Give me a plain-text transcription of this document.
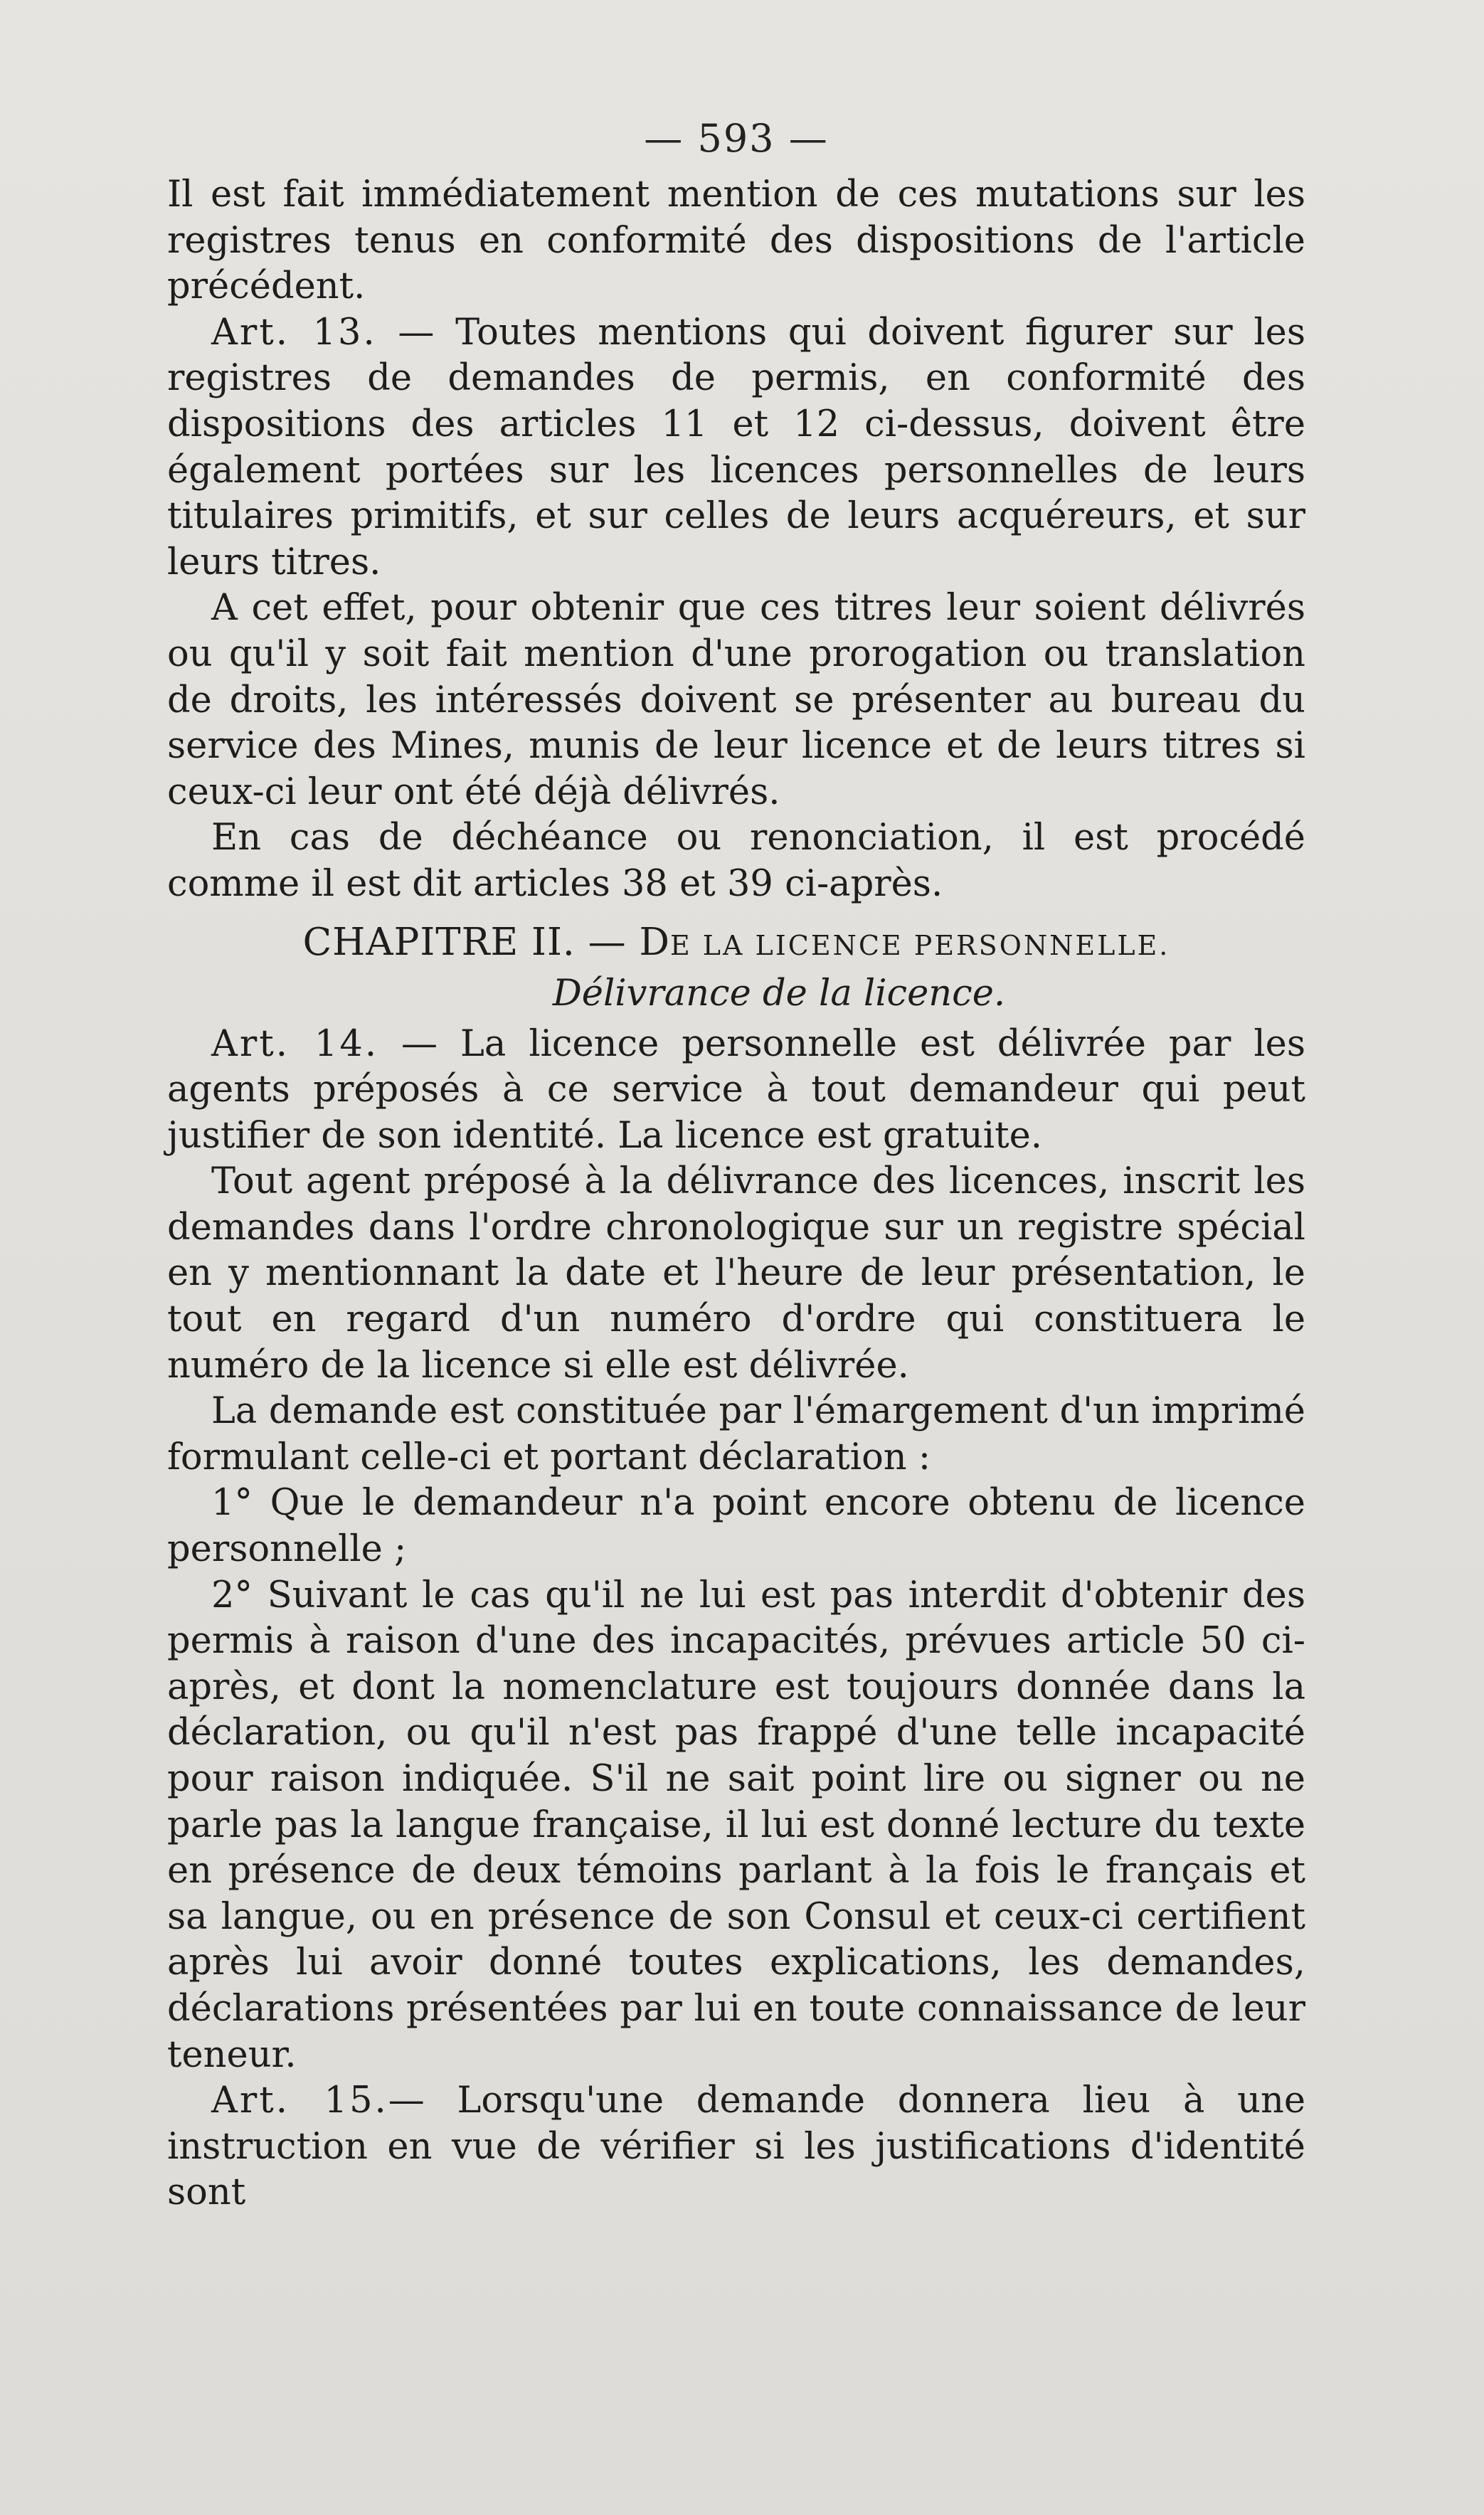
— 593 —

Il est fait immédiatement mention de ces mutations sur les registres tenus en conformité des dispositions de l'article précédent.

Art. 13. — Toutes mentions qui doivent figurer sur les registres de demandes de permis, en conformité des dispositions des articles 11 et 12 ci-dessus, doivent être également portées sur les licences personnelles de leurs titulaires primitifs, et sur celles de leurs acquéreurs, et sur leurs titres.

A cet effet, pour obtenir que ces titres leur soient délivrés ou qu'il y soit fait mention d'une prorogation ou translation de droits, les intéressés doivent se présenter au bureau du service des Mines, munis de leur licence et de leurs titres si ceux-ci leur ont été déjà délivrés.

En cas de déchéance ou renonciation, il est procédé comme il est dit articles 38 et 39 ci-après.

CHAPITRE II. — DE LA LICENCE PERSONNELLE.
Délivrance de la licence.

Art. 14. — La licence personnelle est délivrée par les agents préposés à ce service à tout demandeur qui peut justifier de son identité. La licence est gratuite.

Tout agent préposé à la délivrance des licences, inscrit les demandes dans l'ordre chronologique sur un registre spécial en y mentionnant la date et l'heure de leur présentation, le tout en regard d'un numéro d'ordre qui constituera le numéro de la licence si elle est délivrée.

La demande est constituée par l'émargement d'un imprimé formulant celle-ci et portant déclaration :

1° Que le demandeur n'a point encore obtenu de licence personnelle ;

2° Suivant le cas qu'il ne lui est pas interdit d'obtenir des permis à raison d'une des incapacités, prévues article 50 ci-après, et dont la nomenclature est toujours donnée dans la déclaration, ou qu'il n'est pas frappé d'une telle incapacité pour raison indiquée. S'il ne sait point lire ou signer ou ne parle pas la langue française, il lui est donné lecture du texte en présence de deux témoins parlant à la fois le français et sa langue, ou en présence de son Consul et ceux-ci certifient après lui avoir donné toutes explications, les demandes, déclarations présentées par lui en toute connaissance de leur teneur.

Art. 15.— Lorsqu'une demande donnera lieu à une instruction en vue de vérifier si les justifications d'identité sont
